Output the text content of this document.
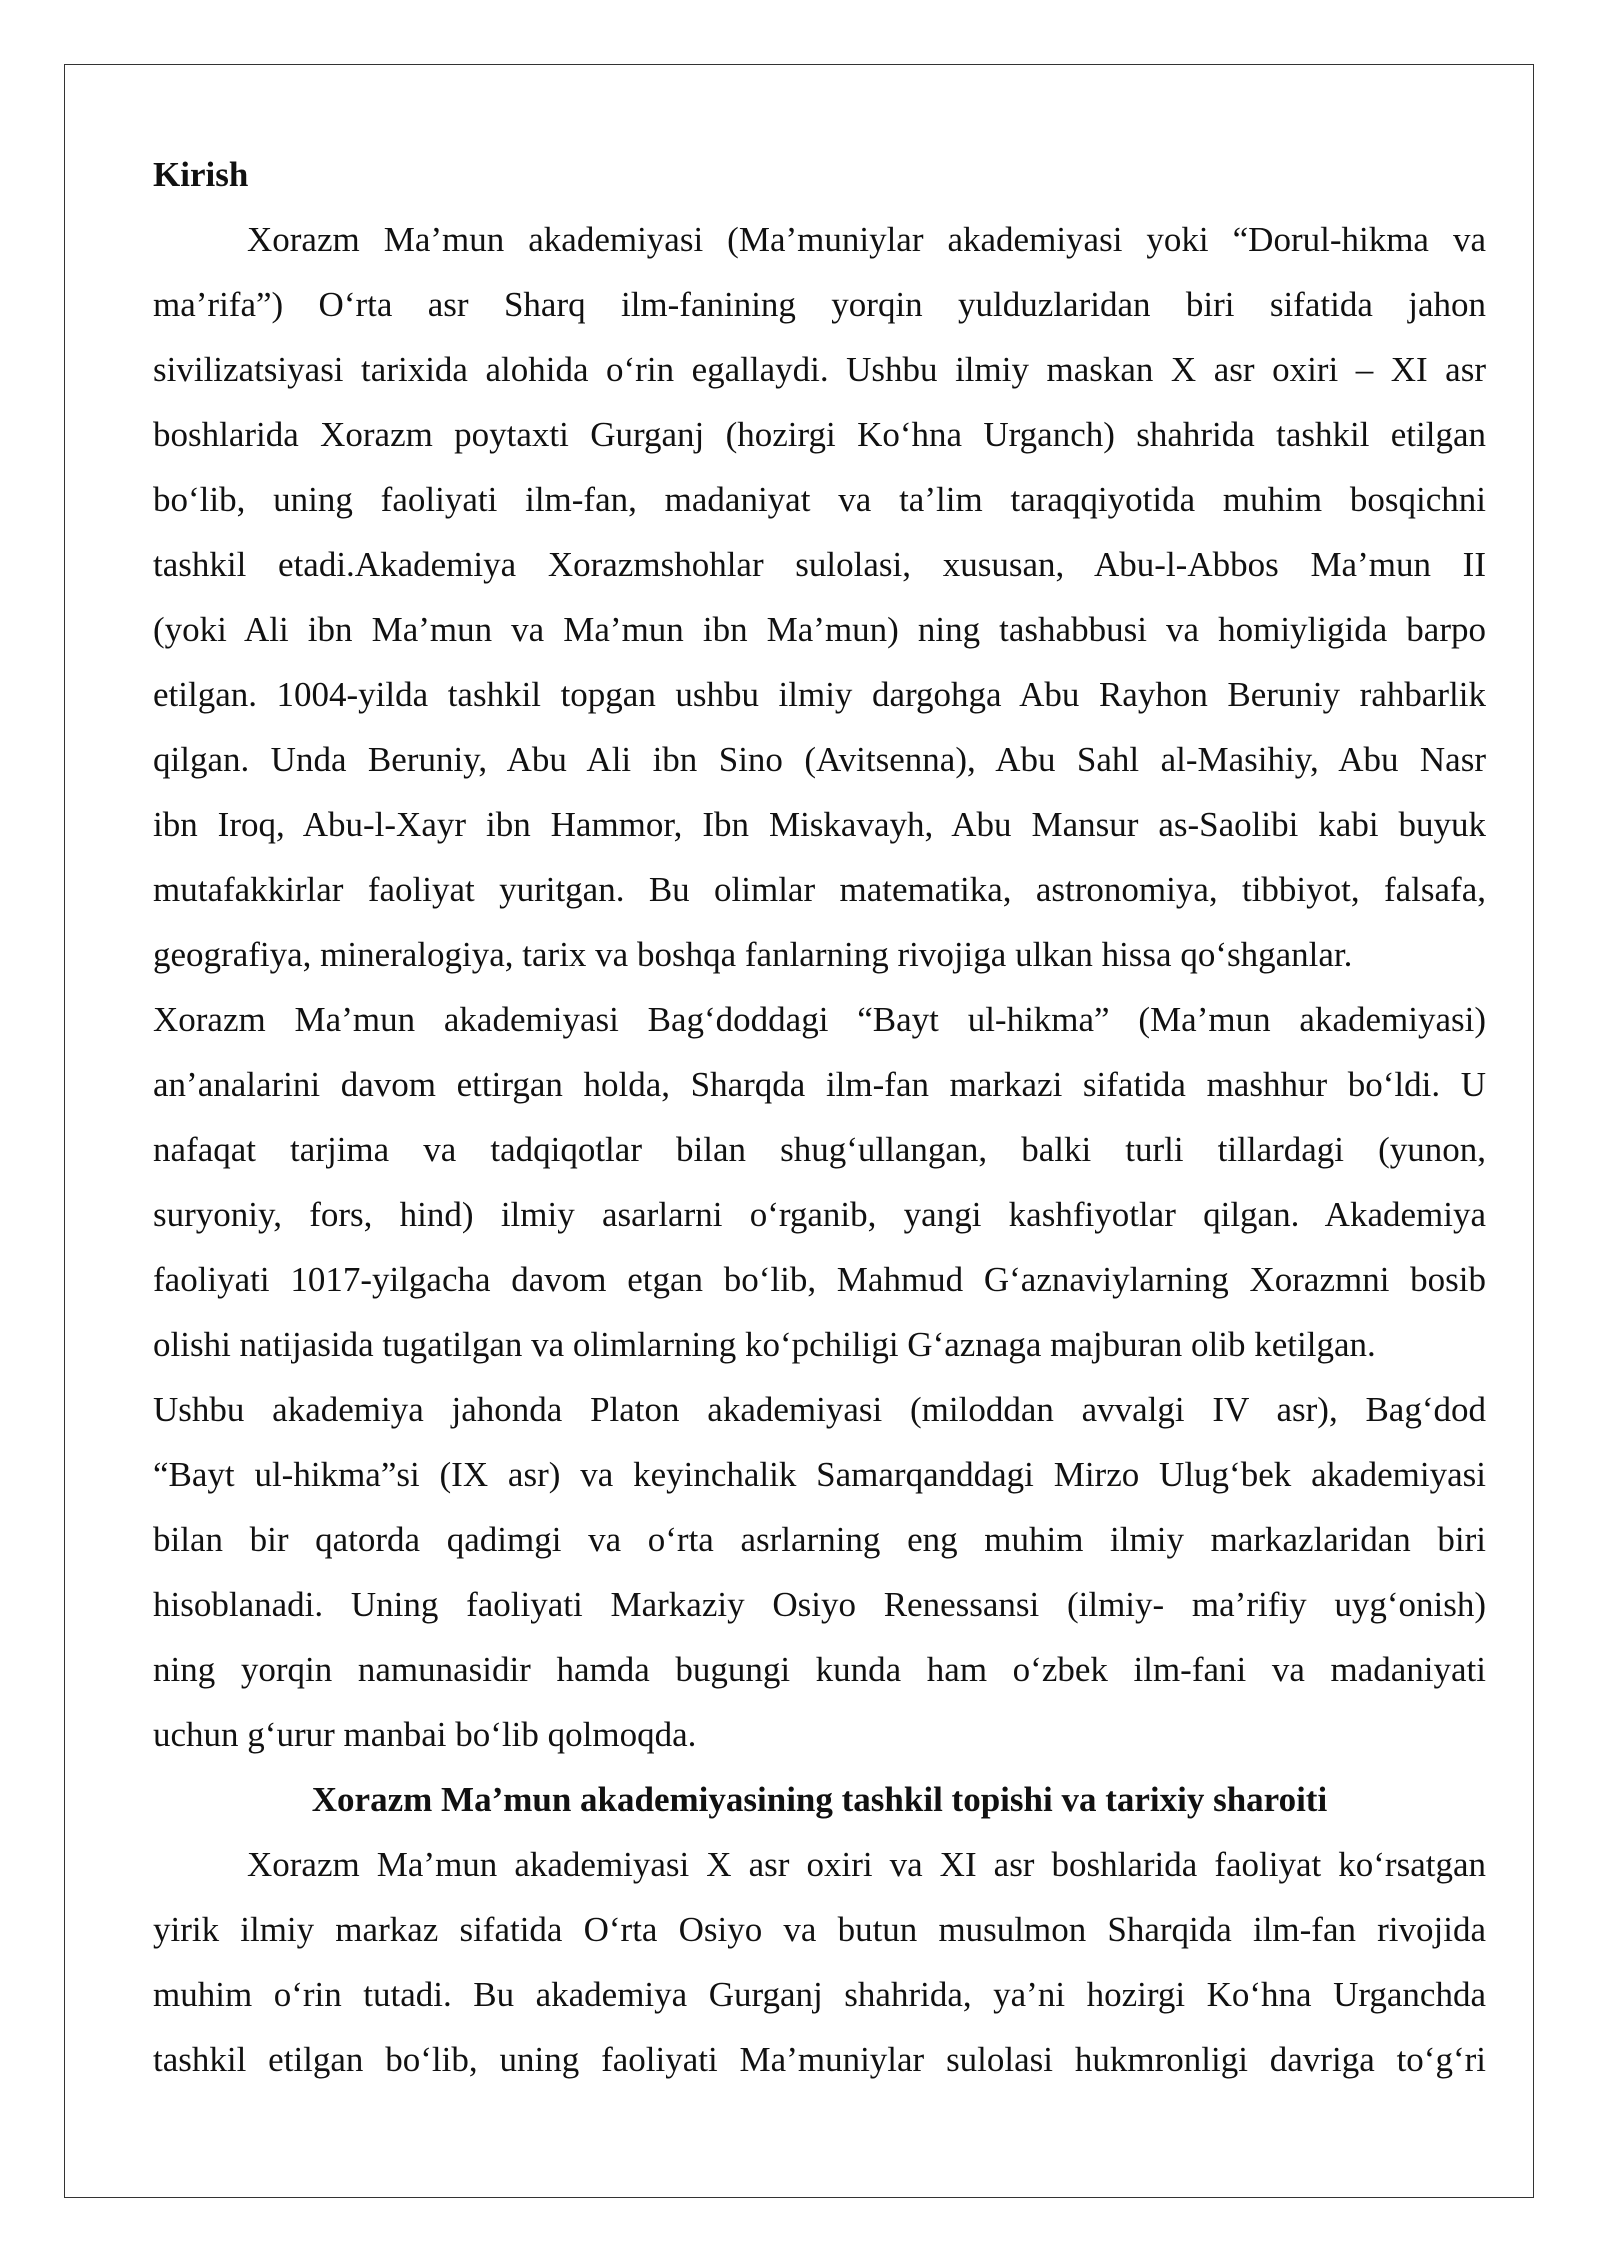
Kirish
Xorazm Ma’mun akademiyasi (Ma’muniylar akademiyasi yoki “Dorul-hikma va
ma’rifa”) O‘rta asr Sharq ilm-fanining yorqin yulduzlaridan biri sifatida jahon
sivilizatsiyasi tarixida alohida o‘rin egallaydi. Ushbu ilmiy maskan X asr oxiri – XI asr
boshlarida Xorazm poytaxti Gurganj (hozirgi Ko‘hna Urganch) shahrida tashkil etilgan
bo‘lib, uning faoliyati ilm-fan, madaniyat va ta’lim taraqqiyotida muhim bosqichni
tashkil etadi.Akademiya Xorazmshohlar sulolasi, xususan, Abu-l-Abbos Ma’mun II
(yoki Ali ibn Ma’mun va Ma’mun ibn Ma’mun) ning tashabbusi va homiyligida barpo
etilgan. 1004-yilda tashkil topgan ushbu ilmiy dargohga Abu Rayhon Beruniy rahbarlik
qilgan. Unda Beruniy, Abu Ali ibn Sino (Avitsenna), Abu Sahl al-Masihiy, Abu Nasr
ibn Iroq, Abu-l-Xayr ibn Hammor, Ibn Miskavayh, Abu Mansur as-Saolibi kabi buyuk
mutafakkirlar faoliyat yuritgan. Bu olimlar matematika, astronomiya, tibbiyot, falsafa,
geografiya, mineralogiya, tarix va boshqa fanlarning rivojiga ulkan hissa qo‘shganlar.
Xorazm Ma’mun akademiyasi Bag‘doddagi “Bayt ul-hikma” (Ma’mun akademiyasi)
an’analarini davom ettirgan holda, Sharqda ilm-fan markazi sifatida mashhur bo‘ldi. U
nafaqat tarjima va tadqiqotlar bilan shug‘ullangan, balki turli tillardagi (yunon,
suryoniy, fors, hind) ilmiy asarlarni o‘rganib, yangi kashfiyotlar qilgan. Akademiya
faoliyati 1017-yilgacha davom etgan bo‘lib, Mahmud G‘aznaviylarning Xorazmni bosib
olishi natijasida tugatilgan va olimlarning ko‘pchiligi G‘aznaga majburan olib ketilgan.
Ushbu akademiya jahonda Platon akademiyasi (miloddan avvalgi IV asr), Bag‘dod
“Bayt ul-hikma”si (IX asr) va keyinchalik Samarqanddagi Mirzo Ulug‘bek akademiyasi
bilan bir qatorda qadimgi va o‘rta asrlarning eng muhim ilmiy markazlaridan biri
hisoblanadi. Uning faoliyati Markaziy Osiyo Renessansi (ilmiy- ma’rifiy uyg‘onish)
ning yorqin namunasidir hamda bugungi kunda ham o‘zbek ilm-fani va madaniyati
uchun g‘urur manbai bo‘lib qolmoqda.

Xorazm Ma’mun akademiyasining tashkil topishi va tarixiy sharoiti

Xorazm Ma’mun akademiyasi X asr oxiri va XI asr boshlarida faoliyat ko‘rsatgan
yirik ilmiy markaz sifatida O‘rta Osiyo va butun musulmon Sharqida ilm-fan rivojida
muhim o‘rin tutadi. Bu akademiya Gurganj shahrida, ya’ni hozirgi Ko‘hna Urganchda
tashkil etilgan bo‘lib, uning faoliyati Ma’muniylar sulolasi hukmronligi davriga to‘g‘ri
